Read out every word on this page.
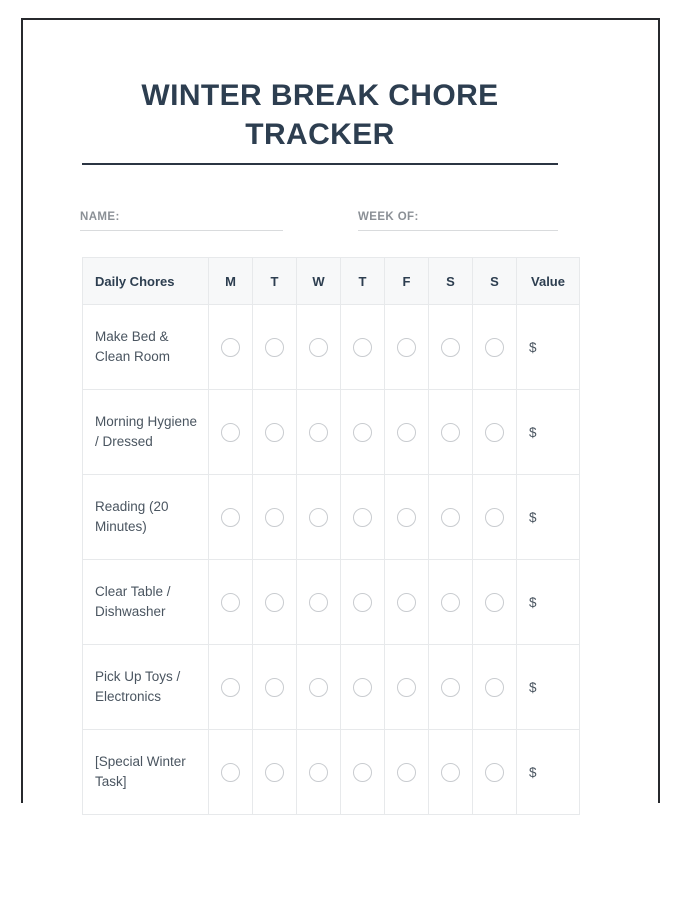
WINTER BREAK CHORE TRACKER
NAME:	WEEK OF:
Daily Chores	M	T	W	T	F	S	S	Value
Make Bed & Clean Room								$
Morning Hygiene / Dressed								$
Reading (20 Minutes)								$
Clear Table / Dishwasher								$
Pick Up Toys / Electronics								$
[Special Winter Task]								$
